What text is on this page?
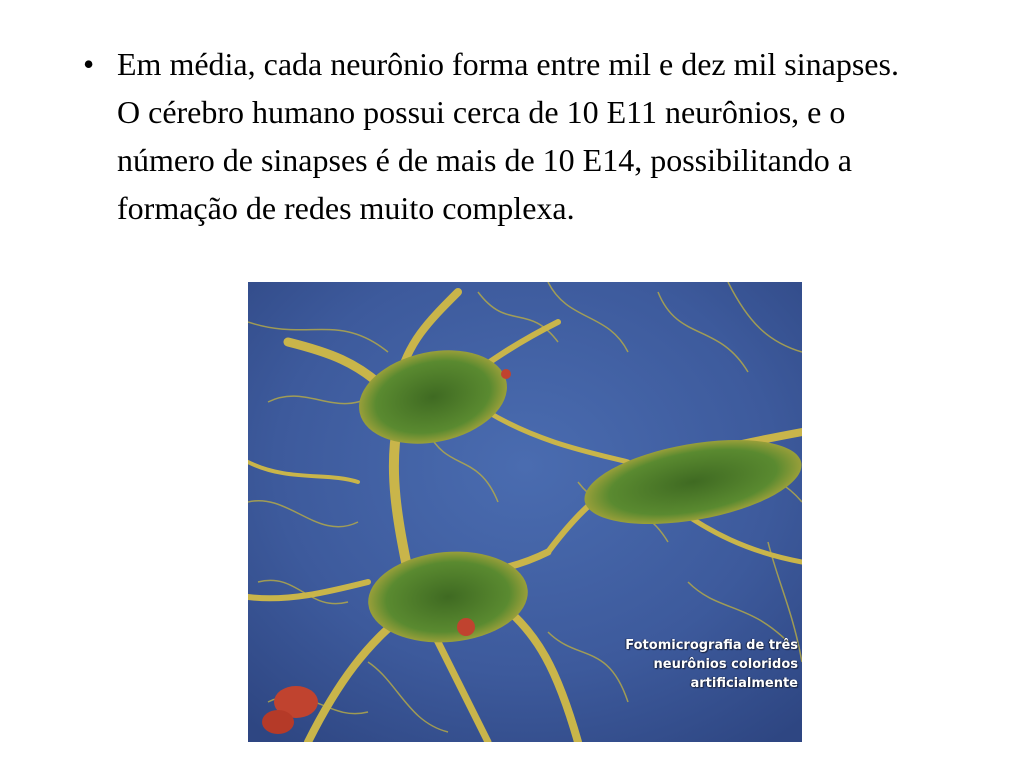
• Em média, cada neurônio forma entre mil e dez mil sinapses. O cérebro humano possui cerca de 10 E11 neurônios, e o número de sinapses é de mais de 10 E14, possibilitando a formação de redes muito complexa.
Fotomicrografia de três
neurônios coloridos
artificialmente
